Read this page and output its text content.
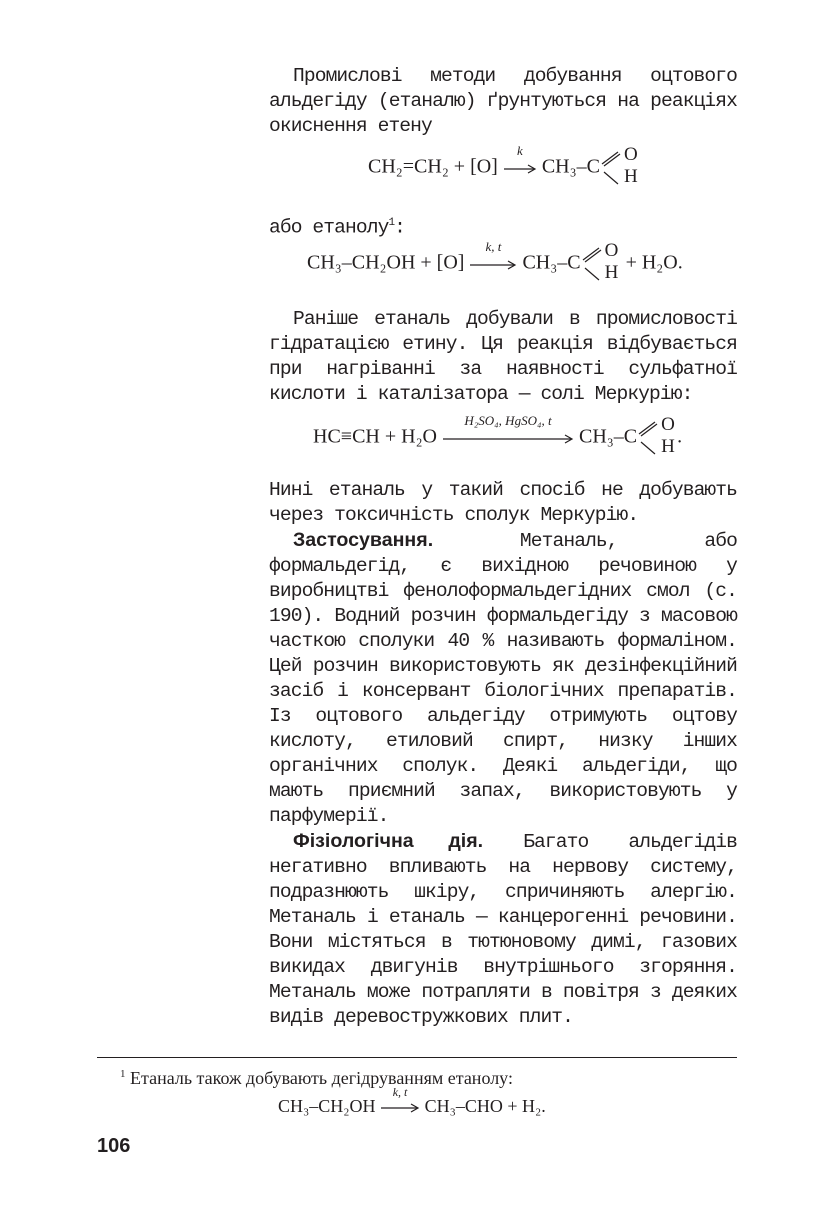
Промислові методи добування оцтового альдегіду (етаналю) ґрунтуються на реакціях окиснення етену

CH₂=CH₂ + [O]
k
CH₃–C
O
H

або етанолу$^1$:

CH₃–CH₂OH + [O]
k, t
CH₃–C
O
H + H₂O.

Раніше етаналь добували в промисловості гідратацією етину. Ця реакція відбувається при нагріванні за наявності сульфатної кислоти і каталізатора — солі Меркурію:

HC≡CH + H₂O
H₂SO₄, HgSO₄, t
CH₃–C
O
H .

Нині етаналь у такий спосіб не добувають через токсичність сполук Меркурію.

Застосування. Метаналь, або формальдегід, є вихідною речовиною у виробництві фенолоформальдегідних смол (с. 190). Водний розчин формальдегіду з масовою часткою сполуки 40 % називають формаліном. Цей розчин використовують як дезінфекційний засіб і консервант біологічних препаратів. Із оцтового альдегіду отримують оцтову кислоту, етиловий спирт, низку інших органічних сполук. Деякі альдегіди, що мають приємний запах, використовують у парфумерії.

Фізіологічна дія. Багато альдегідів негативно впливають на нервову систему, подразнюють шкіру, спричиняють алергію. Метаналь і етаналь — канцерогенні речовини. Вони містяться в тютюновому димі, газових викидах двигунів внутрішнього згоряння. Метаналь може потрапляти в повітря з деяких видів деревостружкових плит.

$^1$ Етаналь також добувають дегідруванням етанолу:
CH₃–CH₂OH
k, t
CH₃–CHO + H₂.
106
